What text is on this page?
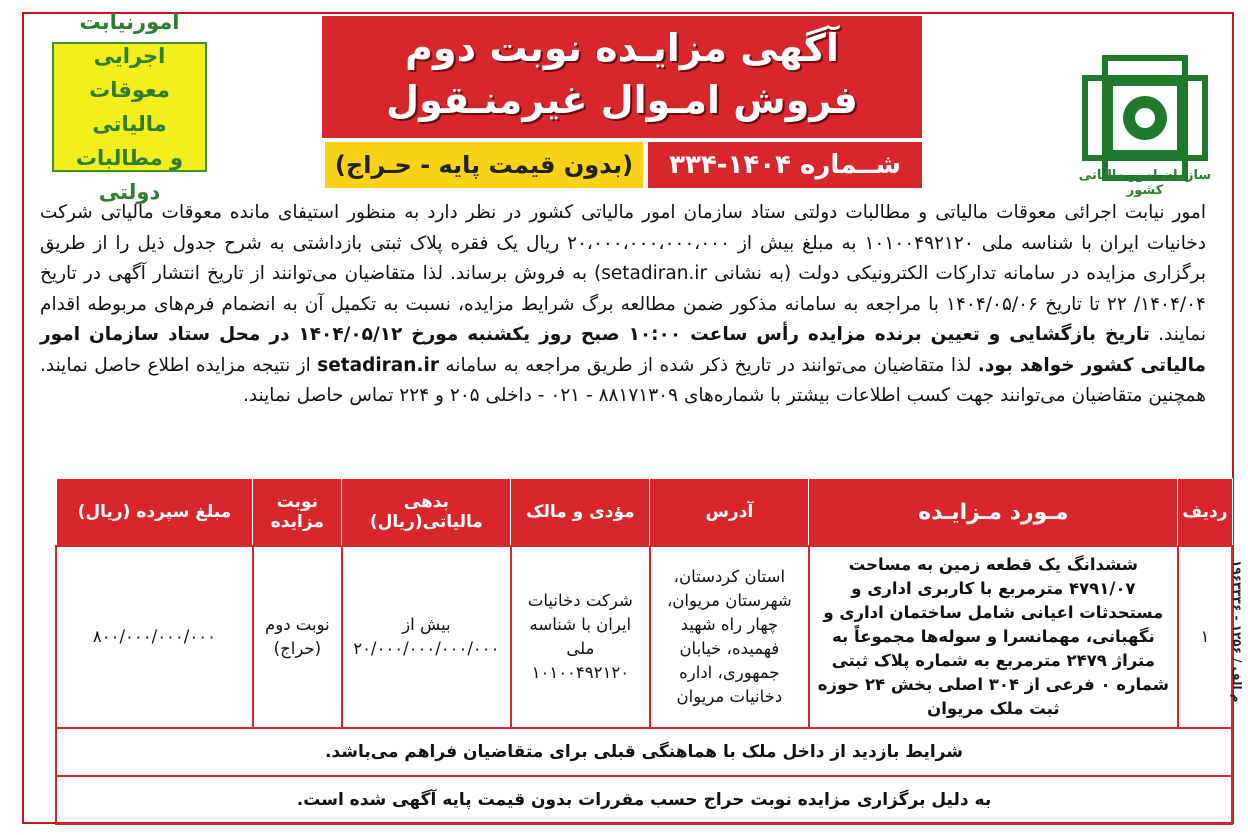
سازمان امور مالیاتی کشور
آگهی مزایـده نوبت دوم
فروش امـوال غیرمنـقول
شــماره ۱۴۰۴-۳۳۴
(بدون قیمت پایه - حـراج)
امورنیابت اجرایی
معوقات مالیاتی
و مطالبات دولتی
امور نیابت اجرائی معوقات مالیاتی و مطالبات دولتی ستاد سازمان امور مالیاتی کشور در نظر دارد به منظور استیفای مانده معوقات مالیاتی شرکت دخانیات ایران با شناسه ملی ۱۰۱۰۰۴۹۲۱۲۰ به مبلغ بیش از ۲۰،۰۰۰،۰۰۰،۰۰۰،۰۰۰ ریال یک فقره پلاک ثبتی بازداشتی به شرح جدول ذیل را از طریق برگزاری مزایده در سامانه تدارکات الکترونیکی دولت (به نشانی setadiran.ir) به فروش برساند. لذا متقاضیان می‌توانند از تاریخ انتشار آگهی در تاریخ ۱۴۰۴/۰۴/ ۲۲ تا تاریخ ۱۴۰۴/۰۵/۰۶ با مراجعه به سامانه مذکور ضمن مطالعه برگ شرایط مزایده، نسبت به تکمیل آن به انضمام فرم‌های مربوطه اقدام نمایند. تاریخ بازگشایی و تعیین برنده مزایده رأس ساعت ۱۰:۰۰ صبح روز یکشنبه مورخ ۱۴۰۴/۰۵/۱۲ در محل ستاد سازمان امور مالیاتی کشور خواهد بود. لذا متقاضیان می‌توانند در تاریخ ذکر شده از طریق مراجعه به سامانه setadiran.ir از نتیجه مزایده اطلاع حاصل نمایند. همچنین متقاضیان می‌توانند جهت کسب اطلاعات بیشتر با شماره‌های ۸۸۱۷۱۳۰۹ - ۰۲۱ - داخلی ۲۰۵ و ۲۲۴ تماس حاصل نمایند.
ردیف	مـورد مـزایـده	آدرس	مؤدی و مالک	بدهی مالیاتی(ریال)	نوبت مزایده	مبلغ سپرده (ریال)
۱	ششدانگ یک قطعه زمین به مساحت ۴۷۹۱/۰۷ مترمربع با کاربری اداری و مستحدثات اعیانی شامل ساختمان اداری و نگهبانی، مهمانسرا و سوله‌ها مجموعاً به متراژ ۲۴۷۹ مترمربع به شماره پلاک ثبتی شماره ۰ فرعی از ۳۰۴ اصلی بخش ۲۴ حوزه ثبت ملک مریوان	استان کردستان، شهرستان مریوان، چهار راه شهید فهمیده، خیابان جمهوری، اداره دخانیات مریوان	شرکت دخانیات ایران با شناسه ملی ۱۰۱۰۰۴۹۲۱۲۰	بیش از ۲۰/۰۰۰/۰۰۰/۰۰۰/۰۰۰	نوبت دوم (حراج)	۸۰۰/۰۰۰/۰۰۰/۰۰۰
شرایط بازدید از داخل ملک با هماهنگی قبلی برای متقاضیان فراهم می‌باشد.						
به دلیل برگزاری مزایده نوبت حراج حسب مقررات بدون قیمت پایه آگهی شده است.						
م الف / ۱۲۵۶ - ۱۹۶۳۳۳۶
